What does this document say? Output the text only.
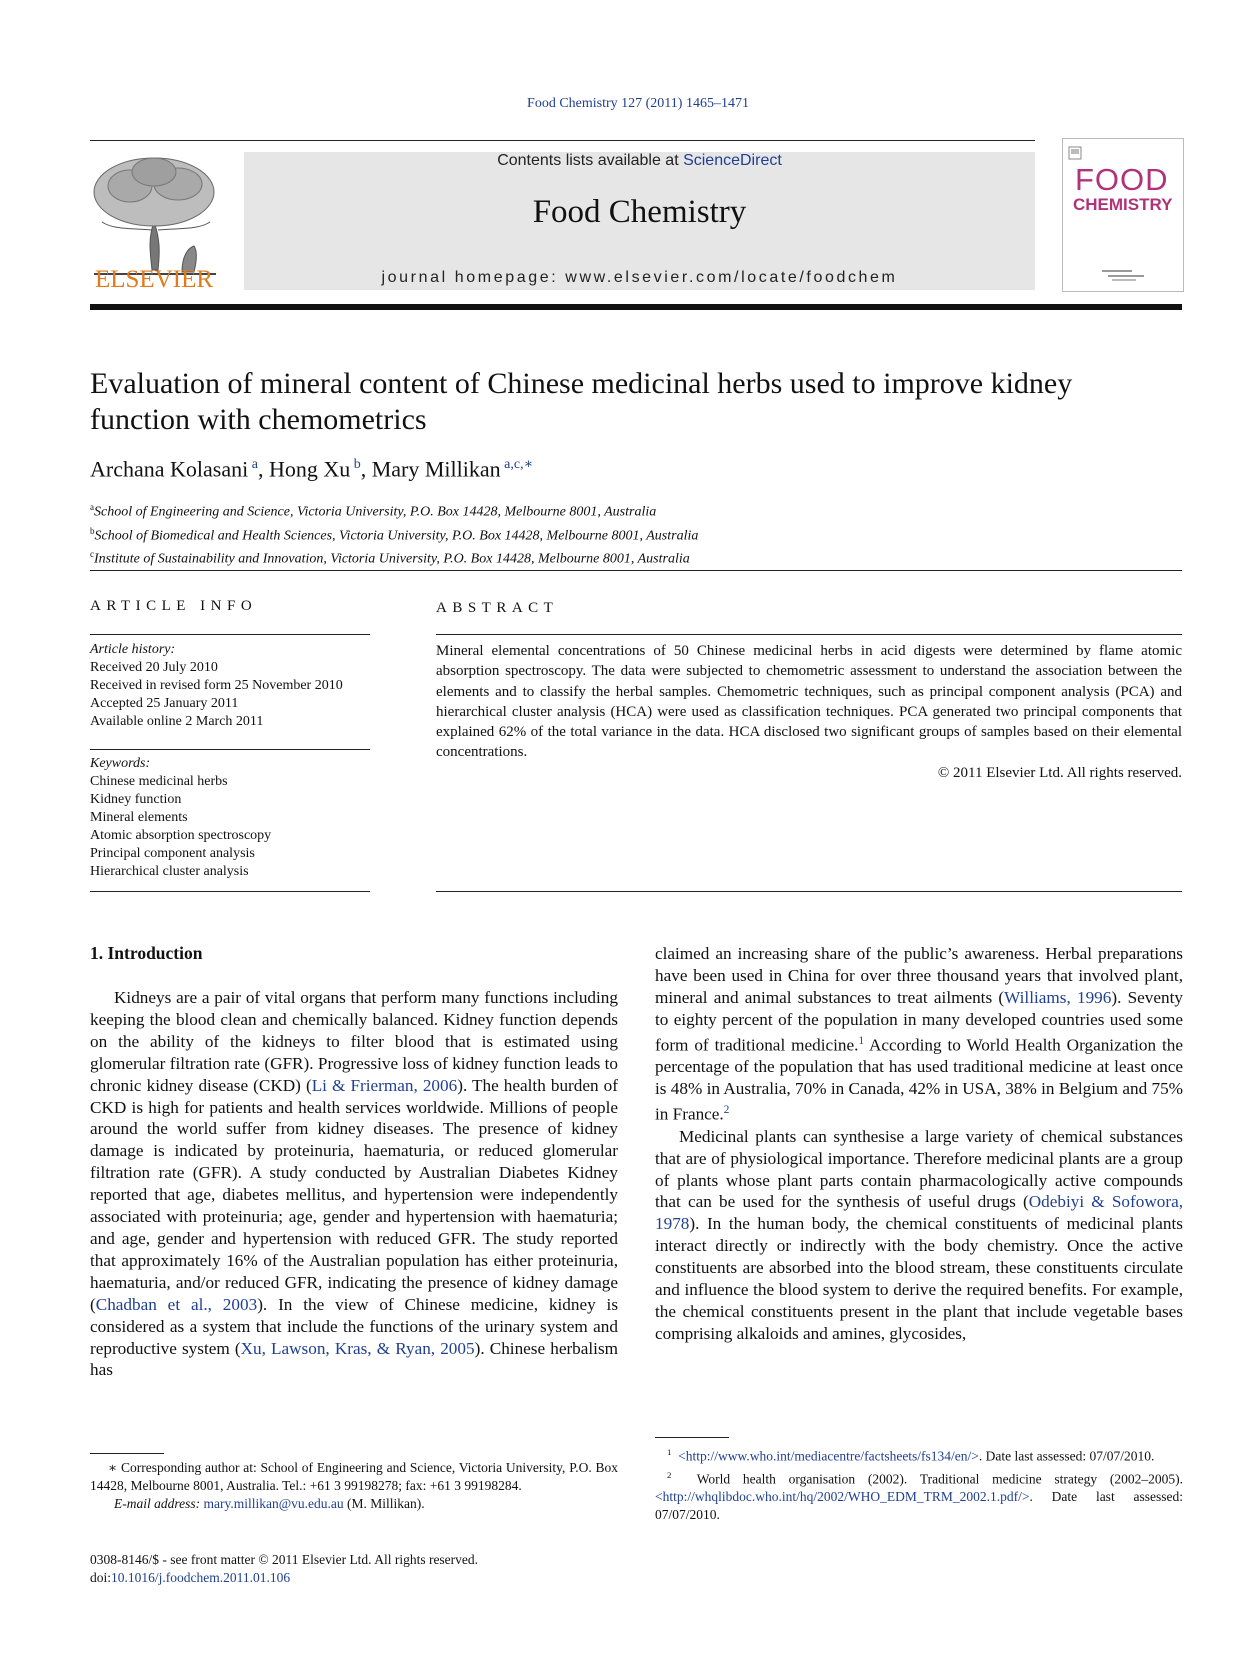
Food Chemistry 127 (2011) 1465–1471
ELSEVIER
Contents lists available at ScienceDirect
Food Chemistry
journal homepage: www.elsevier.com/locate/foodchem
FOOD
CHEMISTRY
Evaluation of mineral content of Chinese medicinal herbs used to improve kidney function with chemometrics
Archana Kolasani $^a$, Hong Xu $^b$, Mary Millikan $^{a,c,∗}$
$^a$School of Engineering and Science, Victoria University, P.O. Box 14428, Melbourne 8001, Australia
$^b$School of Biomedical and Health Sciences, Victoria University, P.O. Box 14428, Melbourne 8001, Australia
$^c$Institute of Sustainability and Innovation, Victoria University, P.O. Box 14428, Melbourne 8001, Australia
ARTICLE INFO	ABSTRACT
Article history:
Received 20 July 2010
Received in revised form 25 November 2010
Accepted 25 January 2011
Available online 2 March 2011
Keywords:
Chinese medicinal herbs
Kidney function
Mineral elements
Atomic absorption spectroscopy
Principal component analysis
Hierarchical cluster analysis
Mineral elemental concentrations of 50 Chinese medicinal herbs in acid digests were determined by flame atomic absorption spectroscopy. The data were subjected to chemometric assessment to understand the association between the elements and to classify the herbal samples. Chemometric techniques, such as principal component analysis (PCA) and hierarchical cluster analysis (HCA) were used as classification techniques. PCA generated two principal components that explained 62% of the total variance in the data. HCA disclosed two significant groups of samples based on their elemental concentrations.
© 2011 Elsevier Ltd. All rights reserved.
1. Introduction

Kidneys are a pair of vital organs that perform many functions including keeping the blood clean and chemically balanced. Kidney function depends on the ability of the kidneys to filter blood that is estimated using glomerular filtration rate (GFR). Progressive loss of kidney function leads to chronic kidney disease (CKD) (Li & Frierman, 2006). The health burden of CKD is high for patients and health services worldwide. Millions of people around the world suffer from kidney diseases. The presence of kidney damage is indicated by proteinuria, haematuria, or reduced glomerular filtration rate (GFR). A study conducted by Australian Diabetes Kidney reported that age, diabetes mellitus, and hypertension were independently associated with proteinuria; age, gender and hypertension with haematuria; and age, gender and hypertension with reduced GFR. The study reported that approximately 16% of the Australian population has either proteinuria, haematuria, and/or reduced GFR, indicating the presence of kidney damage (Chadban et al., 2003). In the view of Chinese medicine, kidney is considered as a system that include the functions of the urinary system and reproductive system (Xu, Lawson, Kras, & Ryan, 2005). Chinese herbalism has

claimed an increasing share of the public’s awareness. Herbal preparations have been used in China for over three thousand years that involved plant, mineral and animal substances to treat ailments (Williams, 1996). Seventy to eighty percent of the population in many developed countries used some form of traditional medicine.$^1$ According to World Health Organization the percentage of the population that has used traditional medicine at least once is 48% in Australia, 70% in Canada, 42% in USA, 38% in Belgium and 75% in France.$^2$

Medicinal plants can synthesise a large variety of chemical substances that are of physiological importance. Therefore medicinal plants are a group of plants whose plant parts contain pharmacologically active compounds that can be used for the synthesis of useful drugs (Odebiyi & Sofowora, 1978). In the human body, the chemical constituents of medicinal plants interact directly or indirectly with the body chemistry. Once the active constituents are absorbed into the blood stream, these constituents circulate and influence the blood system to derive the required benefits. For example, the chemical constituents present in the plant that include vegetable bases comprising alkaloids and amines, glycosides,

∗ Corresponding author at: School of Engineering and Science, Victoria University, P.O. Box 14428, Melbourne 8001, Australia. Tel.: +61 3 99198278; fax: +61 3 99198284.

E-mail address: mary.millikan@vu.edu.au (M. Millikan).

$^1$ <http://www.who.int/mediacentre/factsheets/fs134/en/>. Date last assessed: 07/07/2010.

$^2$ World health organisation (2002). Traditional medicine strategy (2002–2005). <http://whqlibdoc.who.int/hq/2002/WHO_EDM_TRM_2002.1.pdf/>. Date last assessed: 07/07/2010.

0308-8146/$ - see front matter © 2011 Elsevier Ltd. All rights reserved.
doi:10.1016/j.foodchem.2011.01.106
